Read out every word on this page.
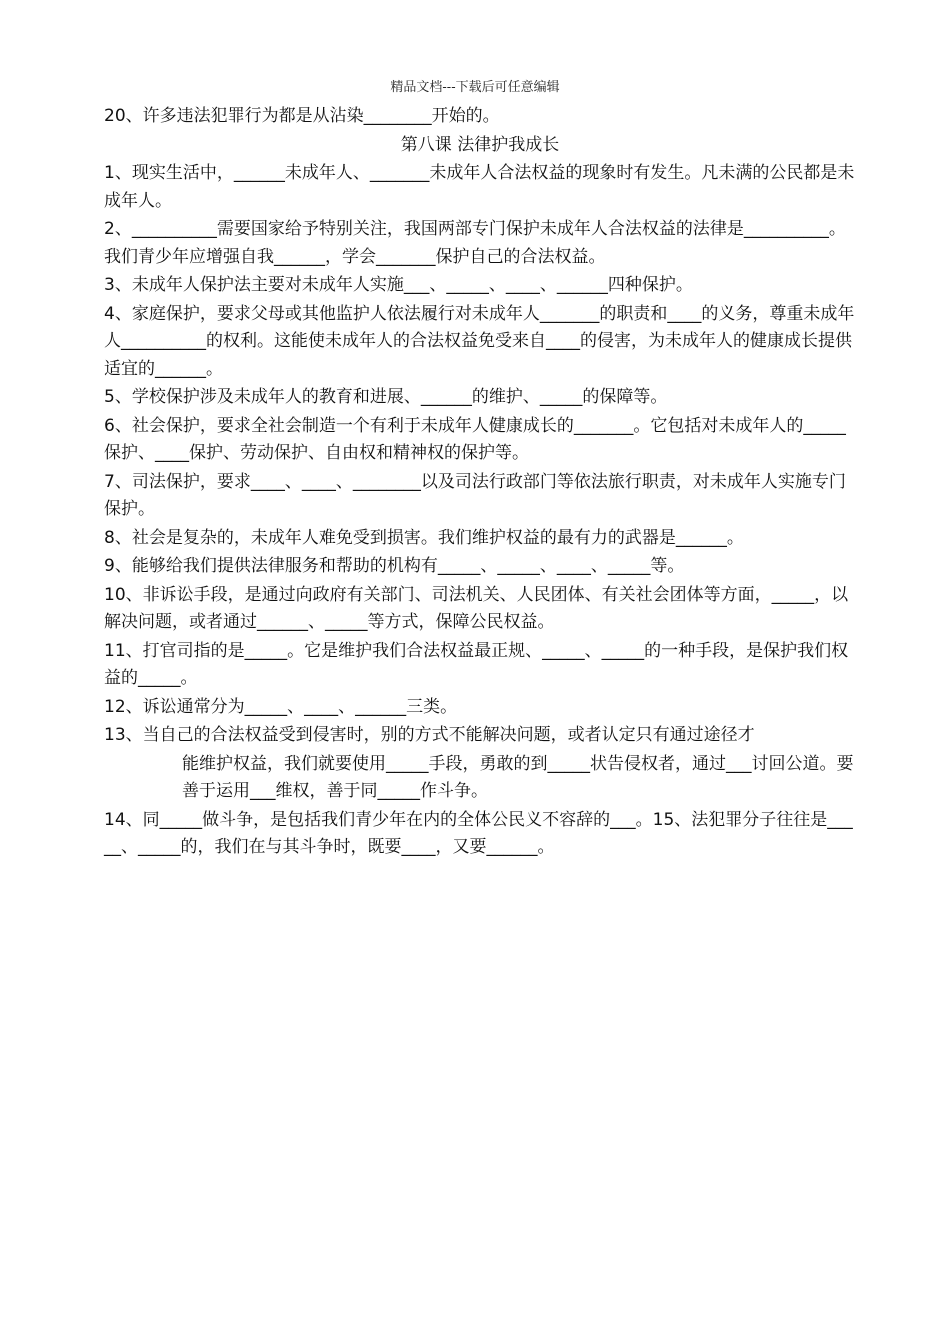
精品文档---下载后可任意编辑

20、许多违法犯罪行为都是从沾染________开始的。

第八课 法律护我成长

1、现实生活中，______未成年人、_______未成年人合法权益的现象时有发生。凡未满的公民都是未成年人。

2、__________需要国家给予特别关注，我国两部专门保护未成年人合法权益的法律是__________。我们青少年应增强自我______，学会_______保护自己的合法权益。

3、未成年人保护法主要对未成年人实施___、_____、____、______四种保护。

4、家庭保护，要求父母或其他监护人依法履行对未成年人_______的职责和____的义务，尊重未成年人__________的权利。这能使未成年人的合法权益免受来自____的侵害，为未成年人的健康成长提供适宜的______。

5、学校保护涉及未成年人的教育和进展、______的维护、_____的保障等。

6、社会保护，要求全社会制造一个有利于未成年人健康成长的_______。它包括对未成年人的_____保护、____保护、劳动保护、自由权和精神权的保护等。

7、司法保护，要求____、____、________以及司法行政部门等依法旅行职责，对未成年人实施专门保护。

8、社会是复杂的，未成年人难免受到损害。我们维护权益的最有力的武器是______。

9、能够给我们提供法律服务和帮助的机构有_____、_____、____、_____等。

10、非诉讼手段，是通过向政府有关部门、司法机关、人民团体、有关社会团体等方面，_____，以解决问题，或者通过______、_____等方式，保障公民权益。

11、打官司指的是_____。它是维护我们合法权益最正规、_____、_____的一种手段，是保护我们权益的_____。

12、诉讼通常分为_____、____、______三类。

13、当自己的合法权益受到侵害时，别的方式不能解决问题，或者认定只有通过途径才

能维护权益，我们就要使用_____手段，勇敢的到_____状告侵权者，通过___讨回公道。要善于运用___维权，善于同_____作斗争。

14、同_____做斗争，是包括我们青少年在内的全体公民义不容辞的___。15、法犯罪分子往往是_____、_____的，我们在与其斗争时，既要____，又要______。
